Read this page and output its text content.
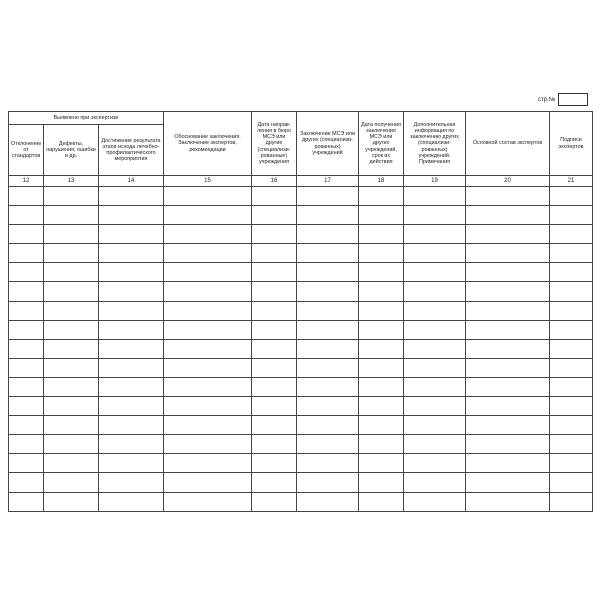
стр.№
Выявлено при экспертизе			Обоснование заключения. Заключение экспертов, рекомендации	Дата направ-ления в бюро МСЭ или другие (специализи-рованные) учреждения	Заключение МСЭ или других (специализи-рованных) учреждений	Дата получения заключения МСЭ или других учреждений, срок их действия	Дополнительная информация по заключению других (специализи-рованных) учреждений. Примечания	Основной состав экспертов	Подписи экспертов

Отклонение от стандартов	Дефекты, нарушения, ошибки и др.	Достижение результата этапа исхода лечебно-профилактического мероприятия							

12	13	14	15	16	17	18	19	20	21
